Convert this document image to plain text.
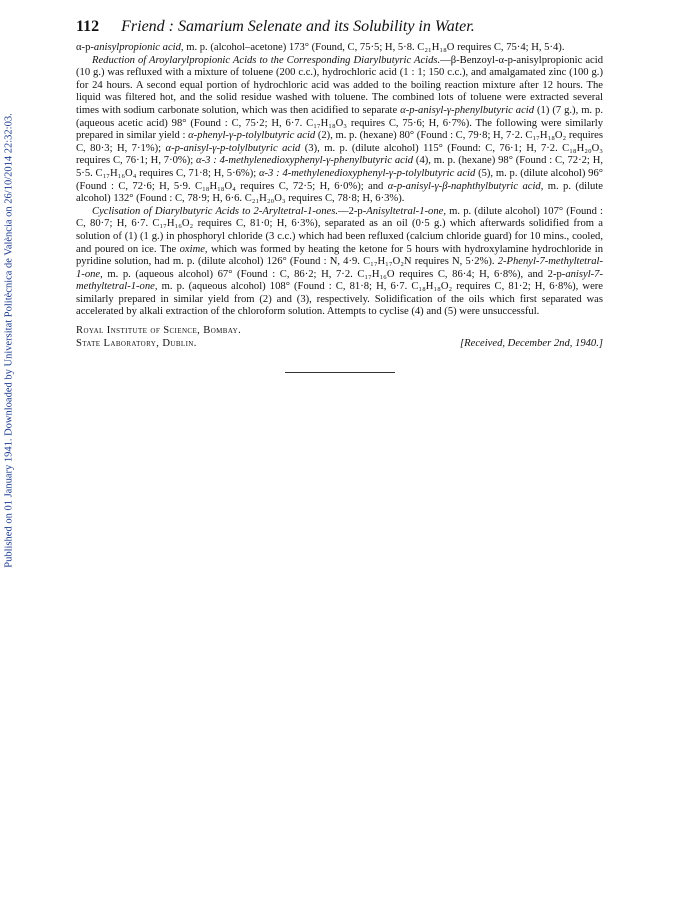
Published on 01 January 1941. Downloaded by Universitat Politècnica de València on 26/10/2014 22:32:03.
112 Friend : Samarium Selenate and its Solubility in Water.

α-p-anisylpropionic acid, m. p. (alcohol–acetone) 173° (Found, C, 75·5; H, 5·8. C₂₁H₁₈O requires C, 75·4; H, 5·4).

Reduction of Aroylarylpropionic Acids to the Corresponding Diarylbutyric Acids.—β-Benzoyl-α-p-anisylpropionic acid (10 g.) was refluxed with a mixture of toluene (200 c.c.), hydrochloric acid (1 : 1; 150 c.c.), and amalgamated zinc (100 g.) for 24 hours. A second equal portion of hydrochloric acid was added to the boiling reaction mixture after 12 hours. The liquid was filtered hot, and the solid residue washed with toluene. The combined lots of toluene were extracted several times with sodium carbonate solution, which was then acidified to separate α-p-anisyl-γ-phenylbutyric acid (1) (7 g.), m. p. (aqueous acetic acid) 98° (Found : C, 75·2; H, 6·7. C₁₇H₁₈O₃ requires C, 75·6; H, 6·7%). The following were similarly prepared in similar yield : α-phenyl-γ-p-tolylbutyric acid (2), m. p. (hexane) 80° (Found : C, 79·8; H, 7·2. C₁₇H₁₈O₂ requires C, 80·3; H, 7·1%); α-p-anisyl-γ-p-tolylbutyric acid (3), m. p. (dilute alcohol) 115° (Found: C, 76·1; H, 7·2. C₁₈H₂₀O₃ requires C, 76·1; H, 7·0%); α-3 : 4-methylenedioxyphenyl-γ-phenylbutyric acid (4), m. p. (hexane) 98° (Found : C, 72·2; H, 5·5. C₁₇H₁₆O₄ requires C, 71·8; H, 5·6%); α-3 : 4-methylenedioxyphenyl-γ-p-tolylbutyric acid (5), m. p. (dilute alcohol) 96° (Found : C, 72·6; H, 5·9. C₁₈H₁₈O₄ requires C, 72·5; H, 6·0%); and α-p-anisyl-γ-β-naphthylbutyric acid, m. p. (dilute alcohol) 132° (Found : C, 78·9; H, 6·6. C₂₁H₂₀O₃ requires C, 78·8; H, 6·3%).

Cyclisation of Diarylbutyric Acids to 2-Aryltetral-1-ones.—2-p-Anisyltetral-1-one, m. p. (dilute alcohol) 107° (Found : C, 80·7; H, 6·7. C₁₇H₁₆O₂ requires C, 81·0; H, 6·3%), separated as an oil (0·5 g.) which afterwards solidified from a solution of (1) (1 g.) in phosphoryl chloride (3 c.c.) which had been refluxed (calcium chloride guard) for 10 mins., cooled, and poured on ice. The oxime, which was formed by heating the ketone for 5 hours with hydroxylamine hydrochloride in pyridine solution, had m. p. (dilute alcohol) 126° (Found : N, 4·9. C₁₇H₁₇O₂N requires N, 5·2%). 2-Phenyl-7-methyltetral-1-one, m. p. (aqueous alcohol) 67° (Found : C, 86·2; H, 7·2. C₁₇H₁₆O requires C, 86·4; H, 6·8%), and 2-p-anisyl-7-methyltetral-1-one, m. p. (aqueous alcohol) 108° (Found : C, 81·8; H, 6·7. C₁₈H₁₈O₂ requires C, 81·2; H, 6·8%), were similarly prepared in similar yield from (2) and (3), respectively. Solidification of the oils which first separated was accelerated by alkali extraction of the chloroform solution. Attempts to cyclise (4) and (5) were unsuccessful.

Royal Institute of Science, Bombay.
State Laboratory, Dublin.	[Received, December 2nd, 1940.]
